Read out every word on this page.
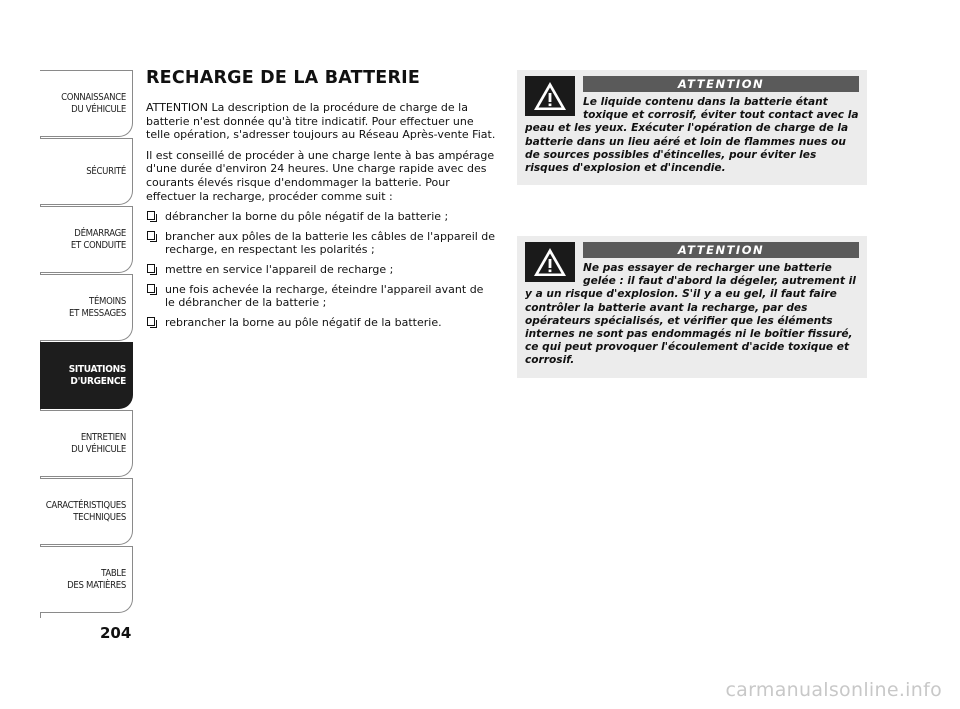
CONNAISSANCE
DU VÉHICULE
SÉCURITÉ
DÉMARRAGE
ET CONDUITE
TÉMOINS
ET MESSAGES
SITUATIONS
D'URGENCE
ENTRETIEN
DU VÉHICULE
CARACTÉRISTIQUES
TECHNIQUES
TABLE
DES MATIÈRES
204
RECHARGE DE LA BATTERIE

ATTENTION La description de la procédure de charge de la batterie n'est donnée qu'à titre indicatif. Pour effectuer une telle opération, s'adresser toujours au Réseau Après-vente Fiat.

Il est conseillé de procéder à une charge lente à bas ampérage d'une durée d'environ 24 heures. Une charge rapide avec des courants élevés risque d'endommager la batterie. Pour effectuer la recharge, procéder comme suit :

débrancher la borne du pôle négatif de la batterie ;
brancher aux pôles de la batterie les câbles de l'appareil de recharge, en respectant les polarités ;
mettre en service l'appareil de recharge ;
une fois achevée la recharge, éteindre l'appareil avant de le débrancher de la batterie ;
rebrancher la borne au pôle négatif de la batterie.
ATTENTION

Le liquide contenu dans la batterie étant toxique et corrosif, éviter tout contact avec la peau et les yeux. Exécuter l'opération de charge de la batterie dans un lieu aéré et loin de flammes nues ou de sources possibles d'étincelles, pour éviter les risques d'explosion et d'incendie.

ATTENTION

Ne pas essayer de recharger une batterie gelée : il faut d'abord la dégeler, autrement il y a un risque d'explosion. S'il y a eu gel, il faut faire contrôler la batterie avant la recharge, par des opérateurs spécialisés, et vérifier que les éléments internes ne sont pas endommagés ni le boîtier fissuré, ce qui peut provoquer l'écoulement d'acide toxique et corrosif.

carmanualsonline.info
